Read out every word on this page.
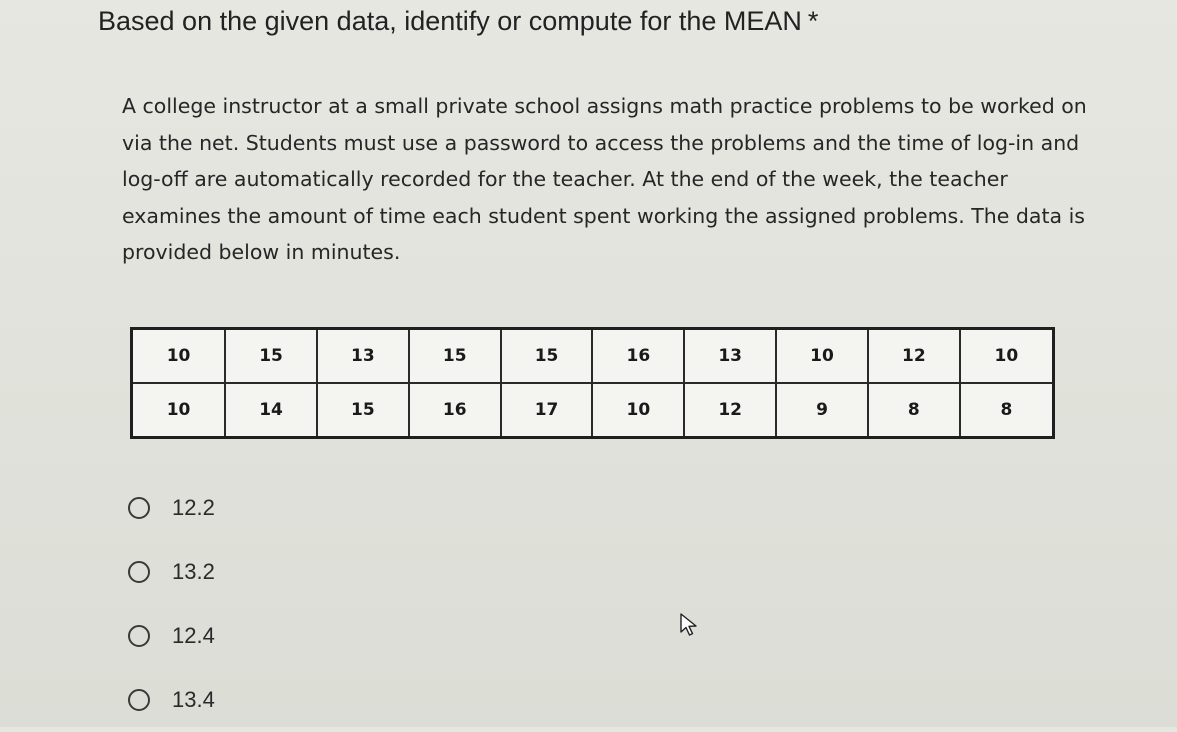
Based on the given data, identify or compute for the MEAN *
A college instructor at a small private school assigns math practice problems to be worked on via the net. Students must use a password to access the problems and the time of log-in and log-off are automatically recorded for the teacher. At the end of the week, the teacher examines the amount of time each student spent working the assigned problems. The data is provided below in minutes.
10	15	13	15	15	16	13	10	12	10
10	14	15	16	17	10	12	9	8	8
12.2
13.2
12.4
13.4
